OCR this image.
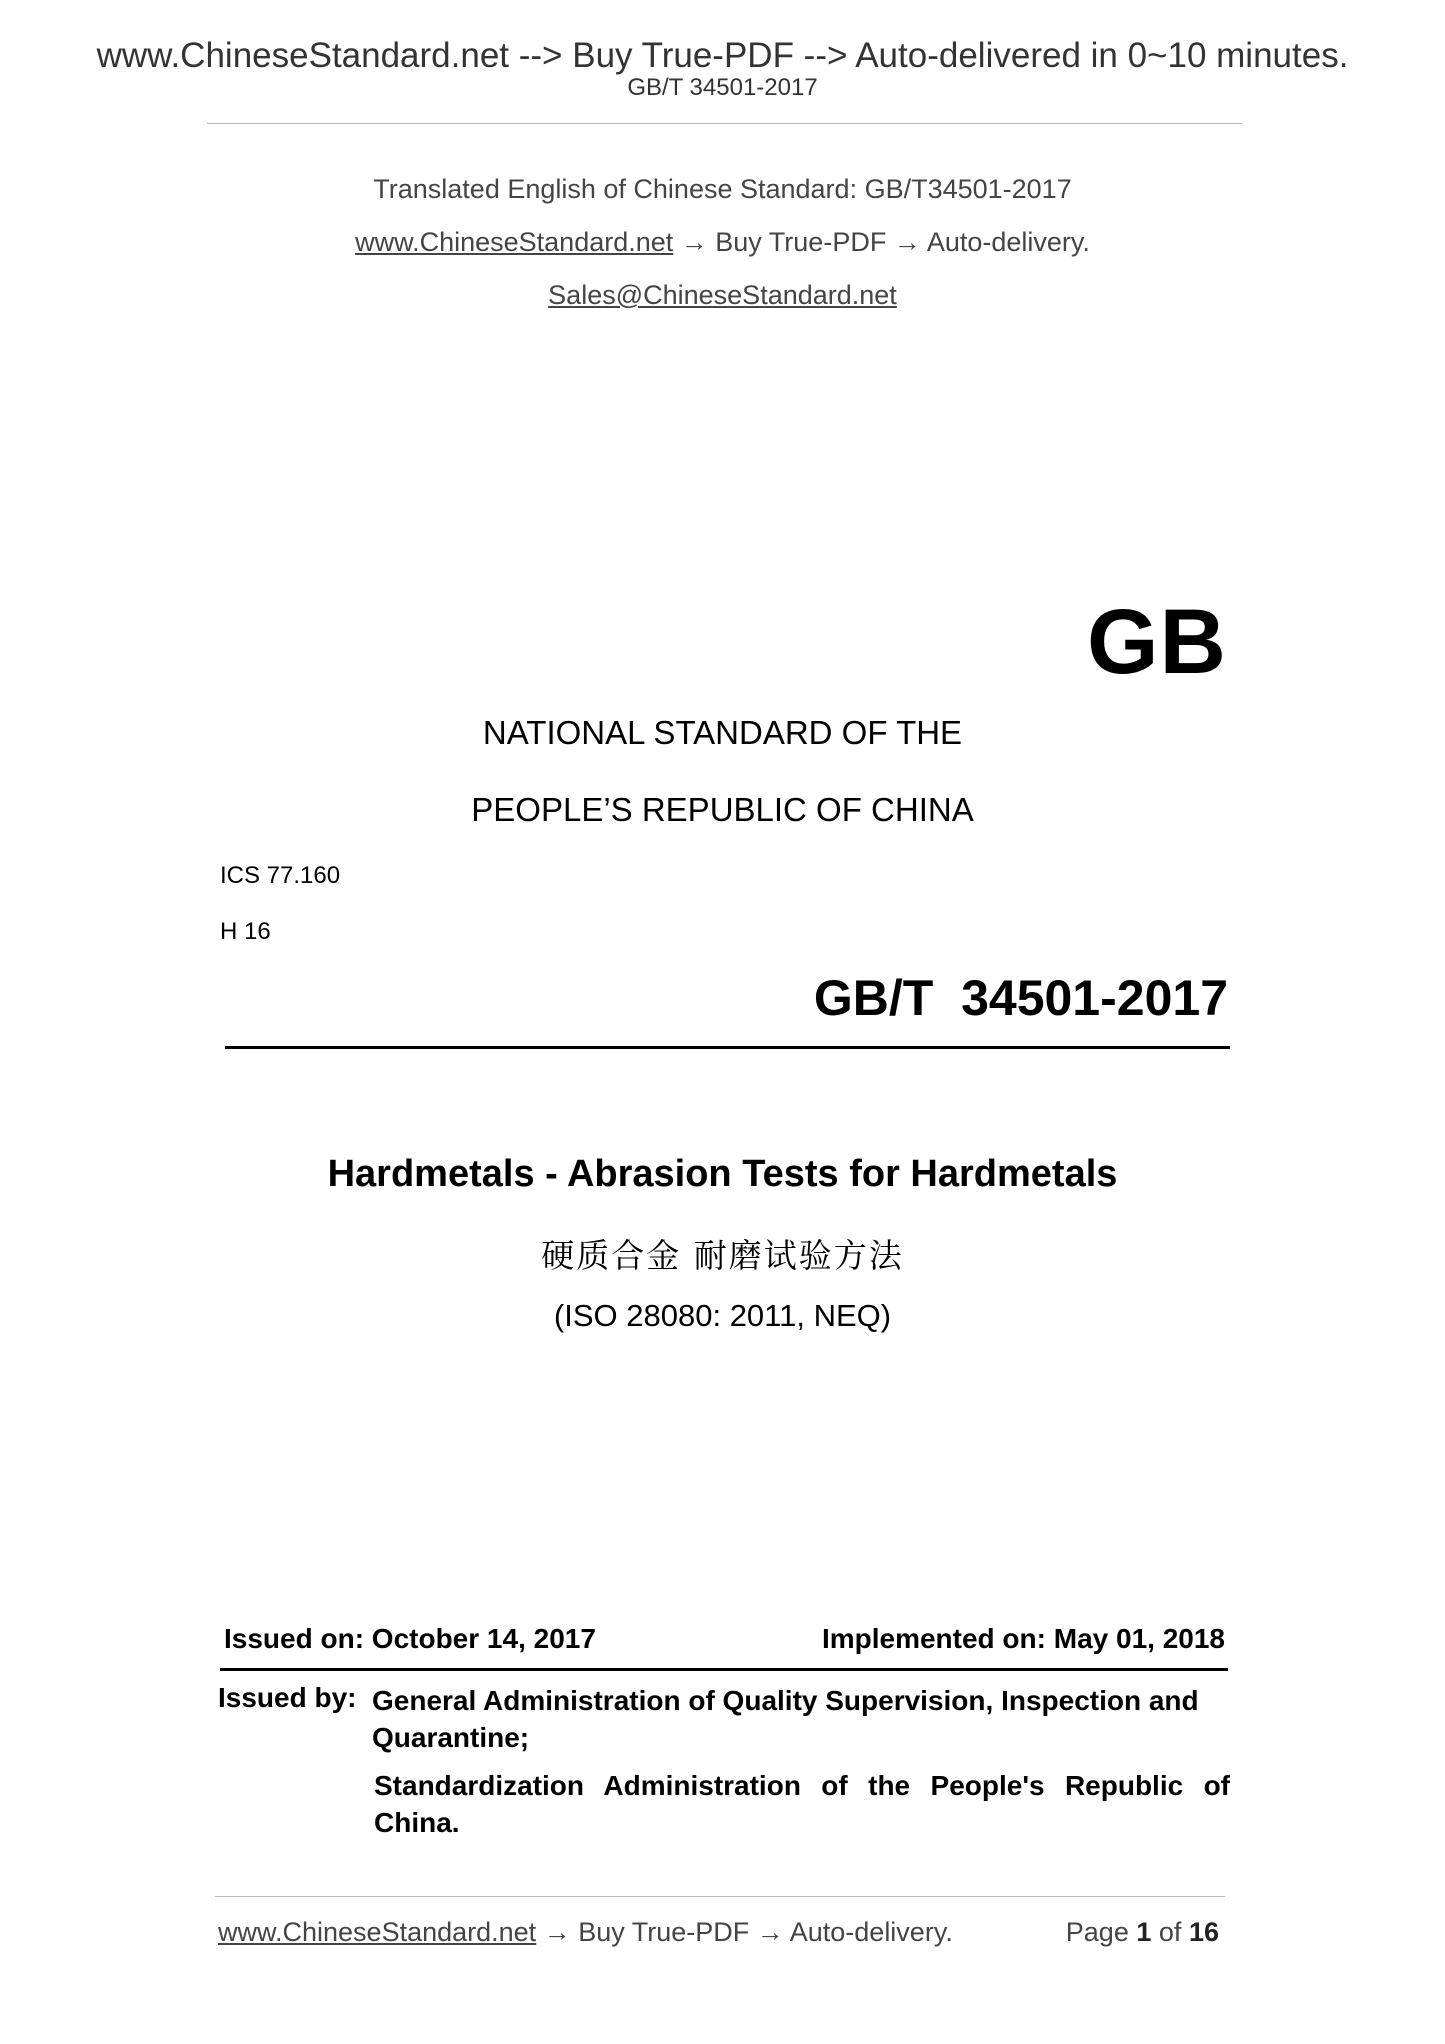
www.ChineseStandard.net --> Buy True-PDF --> Auto-delivered in 0~10 minutes.
GB/T 34501-2017
Translated English of Chinese Standard: GB/T34501-2017
www.ChineseStandard.net → Buy True-PDF → Auto-delivery.
Sales@ChineseStandard.net
GB
NATIONAL STANDARD OF THE
PEOPLE’S REPUBLIC OF CHINA
ICS 77.160
H 16
GB/T  34501-2017
Hardmetals - Abrasion Tests for Hardmetals
硬质合金 耐磨试验方法
(ISO 28080: 2011, NEQ)
Issued on: October 14, 2017	Implemented on: May 01, 2018
Issued by: General Administration of Quality Supervision, Inspection and Quarantine;
Standardization Administration of the People's Republic of China.
www.ChineseStandard.net → Buy True-PDF → Auto-delivery.	Page 1 of 16
